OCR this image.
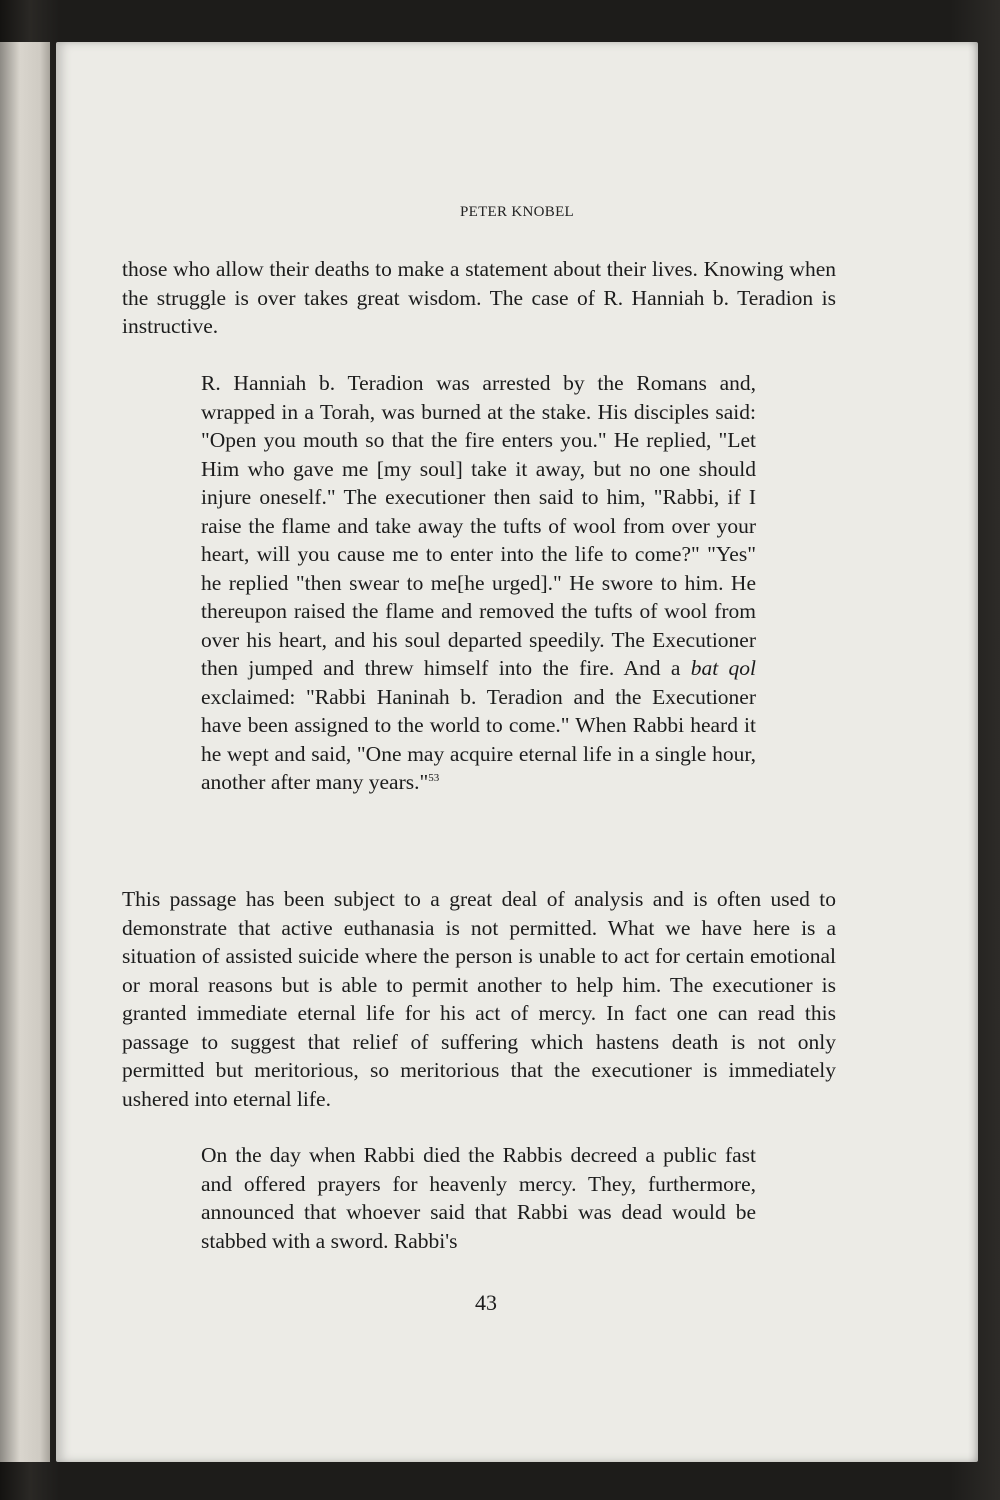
PETER KNOBEL

those who allow their deaths to make a statement about their lives. Knowing when the struggle is over takes great wisdom. The case of R. Hanniah b. Teradion is instructive.

R. Hanniah b. Teradion was arrested by the Romans and, wrapped in a Torah, was burned at the stake. His disciples said: "Open you mouth so that the fire enters you." He replied, "Let Him who gave me [my soul] take it away, but no one should injure oneself." The executioner then said to him, "Rabbi, if I raise the flame and take away the tufts of wool from over your heart, will you cause me to enter into the life to come?" "Yes" he replied "then swear to me[he urged]." He swore to him. He thereupon raised the flame and removed the tufts of wool from over his heart, and his soul departed speedily. The Executioner then jumped and threw himself into the fire. And a bat qol exclaimed: "Rabbi Haninah b. Teradion and the Executioner have been assigned to the world to come." When Rabbi heard it he wept and said, "One may acquire eternal life in a single hour, another after many years."$^{53}$

This passage has been subject to a great deal of analysis and is often used to demonstrate that active euthanasia is not permitted. What we have here is a situation of assisted suicide where the person is unable to act for certain emotional or moral reasons but is able to permit another to help him. The executioner is granted immediate eternal life for his act of mercy. In fact one can read this passage to suggest that relief of suffering which hastens death is not only permitted but meritorious, so meritorious that the executioner is immediately ushered into eternal life.

On the day when Rabbi died the Rabbis decreed a public fast and offered prayers for heavenly mercy. They, furthermore, announced that whoever said that Rabbi was dead would be stabbed with a sword. Rabbi's

43
